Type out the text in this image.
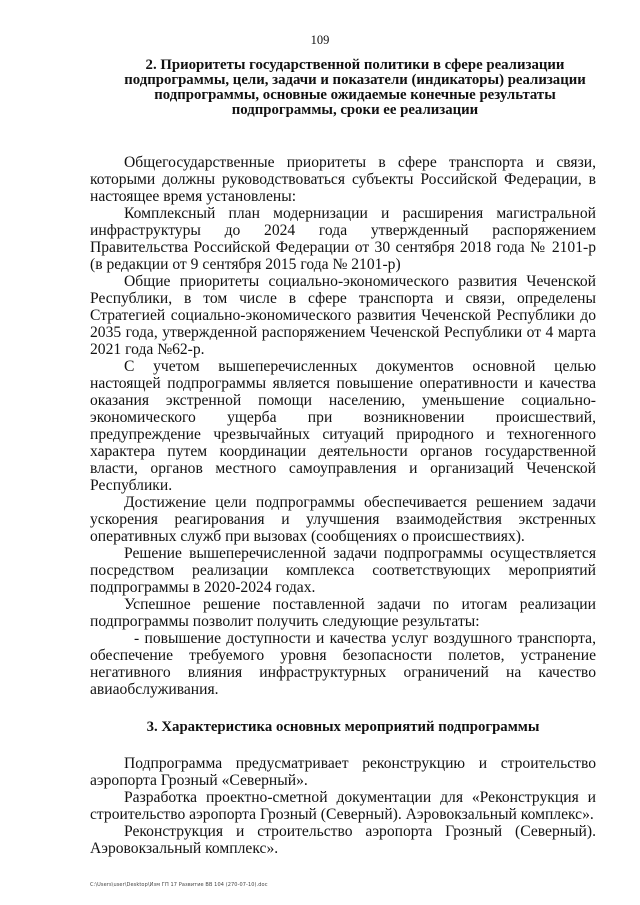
109

2. Приоритеты государственной политики в сфере реализации подпрограммы, цели, задачи и показатели (индикаторы) реализации подпрограммы, основные ожидаемые конечные результаты подпрограммы, сроки ее реализации

Общегосударственные приоритеты в сфере транспорта и связи, которыми должны руководствоваться субъекты Российской Федерации, в настоящее время установлены:

Комплексный план модернизации и расширения магистральной инфраструктуры до 2024 года утвержденный распоряжением Правительства Российской Федерации от 30 сентября 2018 года № 2101-р (в редакции от 9 сентября 2015 года № 2101-р)

Общие приоритеты социально-экономического развития Чеченской Республики, в том числе в сфере транспорта и связи, определены Стратегией социально-экономического развития Чеченской Республики до 2035 года, утвержденной распоряжением Чеченской Республики от 4 марта 2021 года №62-р.

С учетом вышеперечисленных документов основной целью настоящей подпрограммы является повышение оперативности и качества оказания экстренной помощи населению, уменьшение социально-экономического ущерба при возникновении происшествий, предупреждение чрезвычайных ситуаций природного и техногенного характера путем координации деятельности органов государственной власти, органов местного самоуправления и организаций Чеченской Республики.

Достижение цели подпрограммы обеспечивается решением задачи ускорения реагирования и улучшения взаимодействия экстренных оперативных служб при вызовах (сообщениях о происшествиях).

Решение вышеперечисленной задачи подпрограммы осуществляется посредством реализации комплекса соответствующих мероприятий подпрограммы в 2020-2024 годах.

Успешное решение поставленной задачи по итогам реализации подпрограммы позволит получить следующие результаты:

- повышение доступности и качества услуг воздушного транспорта, обеспечение требуемого уровня безопасности полетов, устранение негативного влияния инфраструктурных ограничений на качество авиаобслуживания.

3. Характеристика основных мероприятий подпрограммы

Подпрограмма предусматривает реконструкцию и строительство аэропорта Грозный «Северный».

Разработка проектно-сметной документации для «Реконструкция и строительство аэропорта Грозный (Северный). Аэровокзальный комплекс».

Реконструкция и строительство аэропорта Грозный (Северный). Аэровокзальный комплекс».

C:\Users\user\Desktop\Изм ГП 17 Развитие ВВ 104 (270-07-10).doc
